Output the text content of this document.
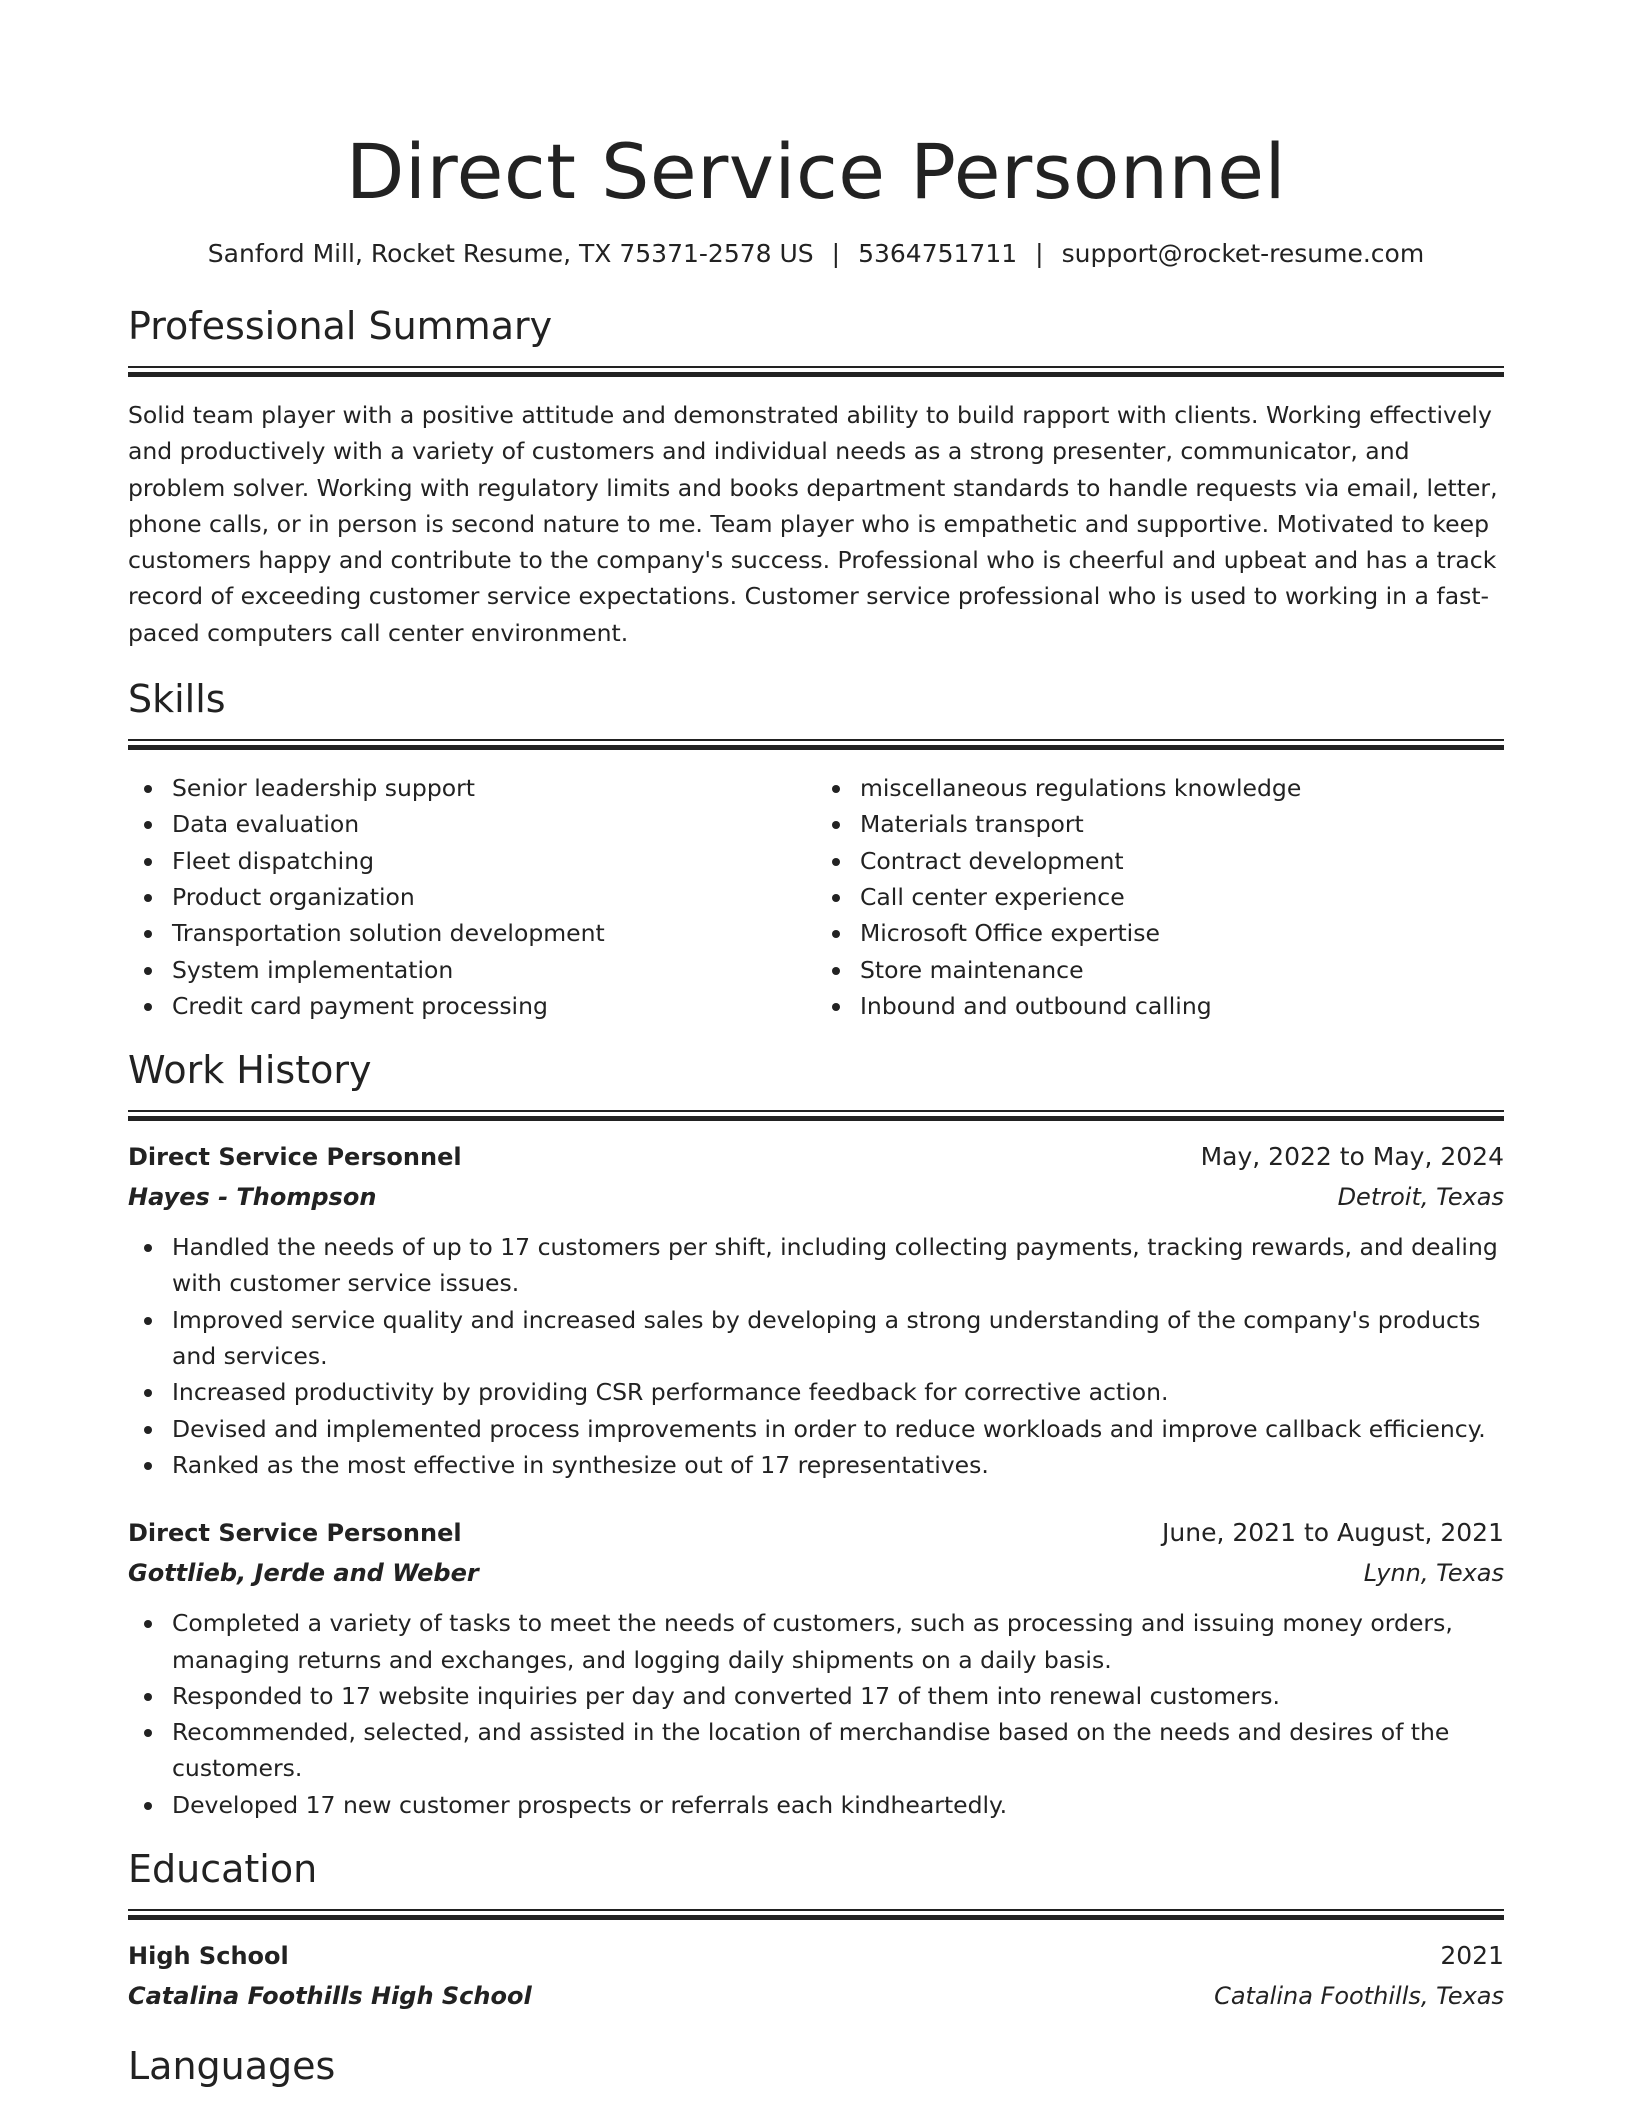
Direct Service Personnel
Sanford Mill, Rocket Resume, TX 75371-2578 US | 5364751711 | support@rocket-resume.com
Professional Summary

Solid team player with a positive attitude and demonstrated ability to build rapport with clients. Working effectively and productively with a variety of customers and individual needs as a strong presenter, communicator, and problem solver. Working with regulatory limits and books department standards to handle requests via email, letter, phone calls, or in person is second nature to me. Team player who is empathetic and supportive. Motivated to keep customers happy and contribute to the company's success. Professional who is cheerful and upbeat and has a track record of exceeding customer service expectations. Customer service professional who is used to working in a fast-paced computers call center environment.

Skills
Senior leadership support
Data evaluation
Fleet dispatching
Product organization
Transportation solution development
System implementation
Credit card payment processing
miscellaneous regulations knowledge
Materials transport
Contract development
Call center experience
Microsoft Office expertise
Store maintenance
Inbound and outbound calling
Work History
Direct Service Personnel	May, 2022 to May, 2024
Hayes - Thompson	Detroit, Texas
Handled the needs of up to 17 customers per shift, including collecting payments, tracking rewards, and dealing with customer service issues.
Improved service quality and increased sales by developing a strong understanding of the company's products and services.
Increased productivity by providing CSR performance feedback for corrective action.
Devised and implemented process improvements in order to reduce workloads and improve callback efficiency.
Ranked as the most effective in synthesize out of 17 representatives.
Direct Service Personnel	June, 2021 to August, 2021
Gottlieb, Jerde and Weber	Lynn, Texas
Completed a variety of tasks to meet the needs of customers, such as processing and issuing money orders, managing returns and exchanges, and logging daily shipments on a daily basis.
Responded to 17 website inquiries per day and converted 17 of them into renewal customers.
Recommended, selected, and assisted in the location of merchandise based on the needs and desires of the customers.
Developed 17 new customer prospects or referrals each kindheartedly.
Education
High School	2021
Catalina Foothills High School	Catalina Foothills, Texas
Languages
